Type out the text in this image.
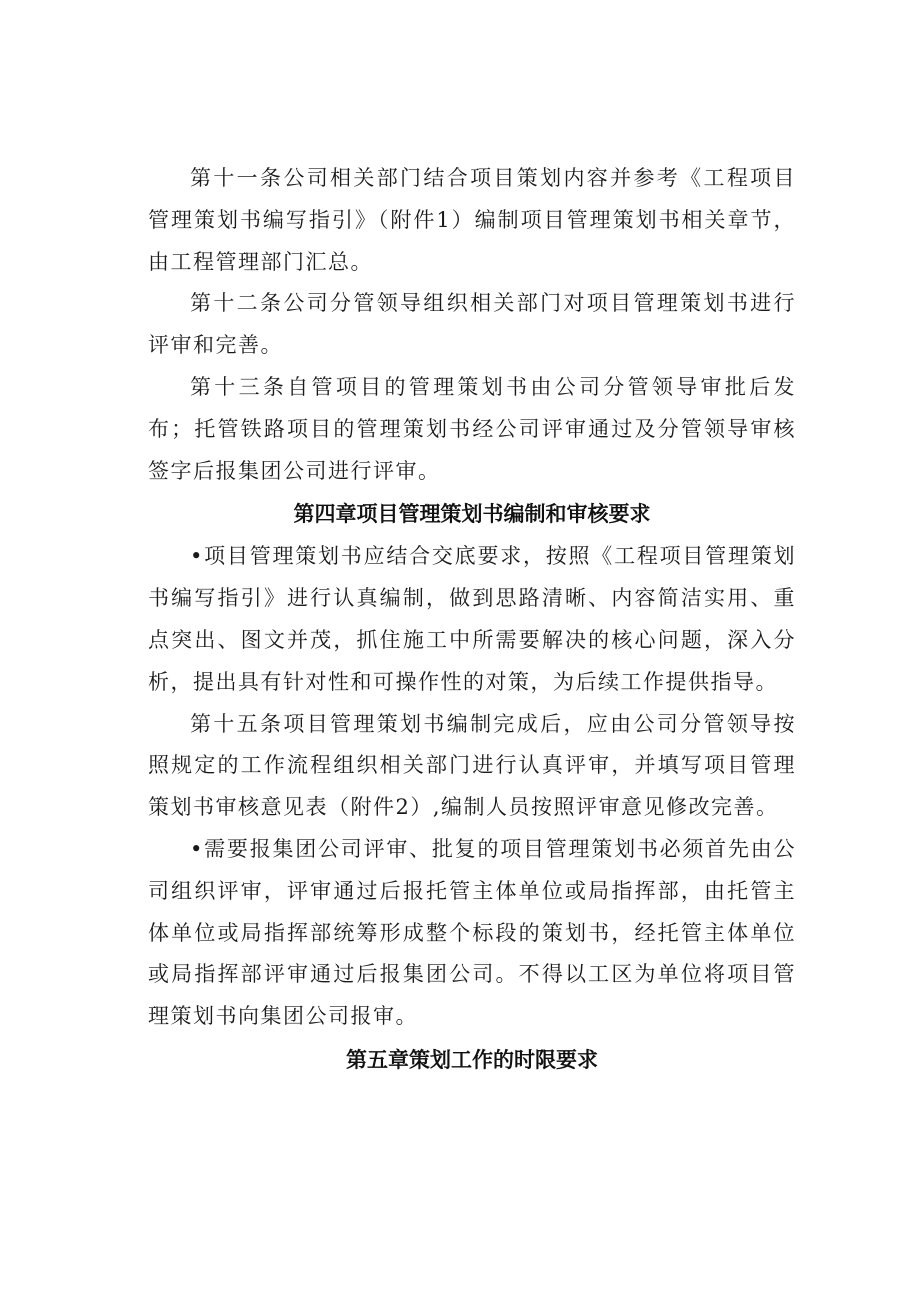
第十一条公司相关部门结合项目策划内容并参考《工程项目管理策划书编写指引》（附件1）编制项目管理策划书相关章节，由工程管理部门汇总。

第十二条公司分管领导组织相关部门对项目管理策划书进行评审和完善。

第十三条自管项目的管理策划书由公司分管领导审批后发布；托管铁路项目的管理策划书经公司评审通过及分管领导审核签字后报集团公司进行评审。

第四章项目管理策划书编制和审核要求

•项目管理策划书应结合交底要求，按照《工程项目管理策划书编写指引》进行认真编制，做到思路清晰、内容简洁实用、重点突出、图文并茂，抓住施工中所需要解决的核心问题，深入分析，提出具有针对性和可操作性的对策，为后续工作提供指导。

第十五条项目管理策划书编制完成后，应由公司分管领导按照规定的工作流程组织相关部门进行认真评审，并填写项目管理策划书审核意见表（附件2）,编制人员按照评审意见修改完善。

•需要报集团公司评审、批复的项目管理策划书必须首先由公司组织评审，评审通过后报托管主体单位或局指挥部，由托管主体单位或局指挥部统筹形成整个标段的策划书，经托管主体单位或局指挥部评审通过后报集团公司。不得以工区为单位将项目管理策划书向集团公司报审。

第五章策划工作的时限要求
